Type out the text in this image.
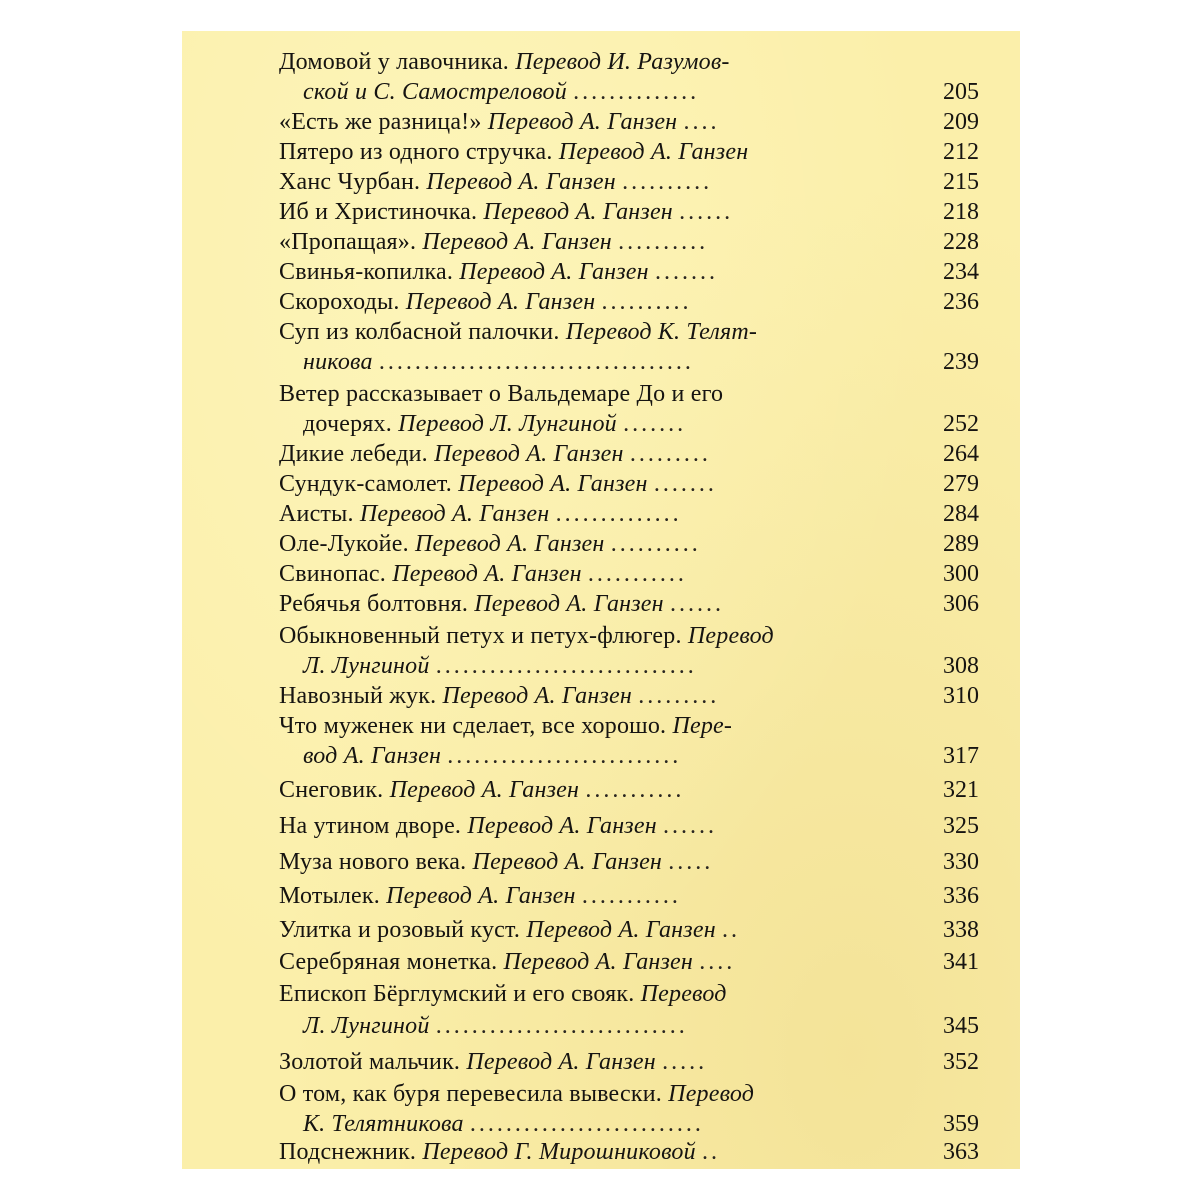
Домовой у лавочника. Перевод И. Разумов-
ской и С. Самостреловой ..............	205
«Есть же разница!» Перевод А. Ганзен ....	209
Пятеро из одного стручка. Перевод А. Ганзен	212
Ханс Чурбан. Перевод А. Ганзен ..........	215
Иб и Христиночка. Перевод А. Ганзен ......	218
«Пропащая». Перевод А. Ганзен ..........	228
Свинья-копилка. Перевод А. Ганзен .......	234
Скороходы. Перевод А. Ганзен ..........	236
Суп из колбасной палочки. Перевод К. Телят-
никова ...................................	239
Ветер рассказывает о Вальдемаре До и его
дочерях. Перевод Л. Лунгиной .......	252
Дикие лебеди. Перевод А. Ганзен .........	264
Сундук-самолет. Перевод А. Ганзен .......	279
Аисты. Перевод А. Ганзен ..............	284
Оле-Лукойе. Перевод А. Ганзен ..........	289
Свинопас. Перевод А. Ганзен ...........	300
Ребячья болтовня. Перевод А. Ганзен ......	306
Обыкновенный петух и петух-флюгер. Перевод
Л. Лунгиной .............................	308
Навозный жук. Перевод А. Ганзен .........	310
Что муженек ни сделает, все хорошо. Пере-
вод А. Ганзен ..........................	317
Снеговик. Перевод А. Ганзен ...........	321
На утином дворе. Перевод А. Ганзен ......	325
Муза нового века. Перевод А. Ганзен .....	330
Мотылек. Перевод А. Ганзен ...........	336
Улитка и розовый куст. Перевод А. Ганзен ..	338
Серебряная монетка. Перевод А. Ганзен ....	341
Епископ Бёрглумский и его свояк. Перевод
Л. Лунгиной ............................	345
Золотой мальчик. Перевод А. Ганзен .....	352
О том, как буря перевесила вывески. Перевод
К. Телятникова ..........................	359
Подснежник. Перевод Г. Мирошниковой ..	363
